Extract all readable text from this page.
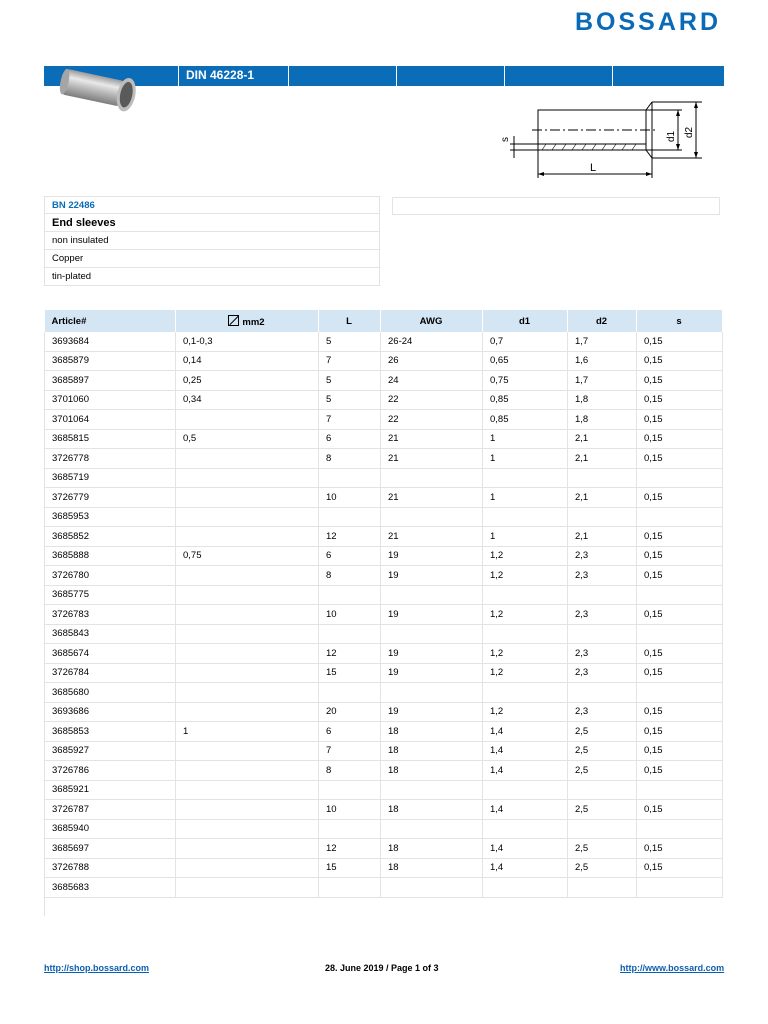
BOSSARD
DIN 46228-1
L
s	d1 d2
BN 22486
End sleeves
non insulated
Copper
tin-plated
Article#	mm2	L	AWG	d1	d2	s
3693684	0,1-0,3	5	26-24	0,7	1,7	0,15
3685879	0,14	7	26	0,65	1,6	0,15
3685897	0,25	5	24	0,75	1,7	0,15
3701060	0,34	5	22	0,85	1,8	0,15
3701064		7	22	0,85	1,8	0,15
3685815	0,5	6	21	1	2,1	0,15
3726778		8	21	1	2,1	0,15
3685719						
3726779		10	21	1	2,1	0,15
3685953						
3685852		12	21	1	2,1	0,15
3685888	0,75	6	19	1,2	2,3	0,15
3726780		8	19	1,2	2,3	0,15
3685775						
3726783		10	19	1,2	2,3	0,15
3685843						
3685674		12	19	1,2	2,3	0,15
3726784		15	19	1,2	2,3	0,15
3685680						
3693686		20	19	1,2	2,3	0,15
3685853	1	6	18	1,4	2,5	0,15
3685927		7	18	1,4	2,5	0,15
3726786		8	18	1,4	2,5	0,15
3685921						
3726787		10	18	1,4	2,5	0,15
3685940						
3685697		12	18	1,4	2,5	0,15
3726788		15	18	1,4	2,5	0,15
3685683						
http://shop.bossard.com	28. June 2019 / Page 1 of 3	http://www.bossard.com
